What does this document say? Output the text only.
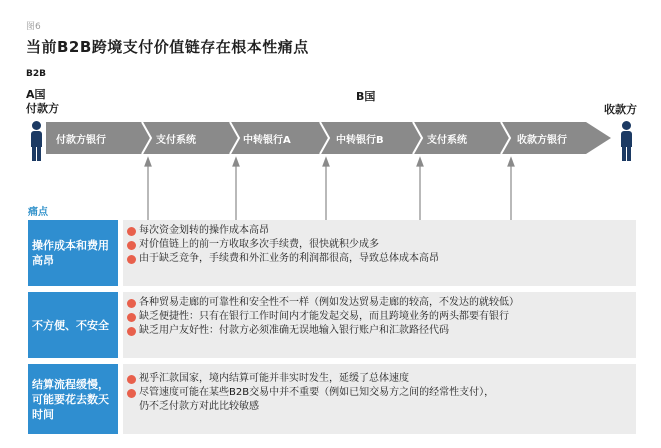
图6
当前B2B跨境支付价值链存在根本性痛点
B2B
A国
付款方
B国
收款方
付款方银行	支付系统	中转银行A	中转银行B	支付系统	收款方银行
痛点
操作成本和费用高昂
每次资金划转的操作成本高昂
对价值链上的前一方收取多次手续费，很快就积少成多
由于缺乏竞争，手续费和外汇业务的利润都很高，导致总体成本高昂
不方便、不安全
各种贸易走廊的可靠性和安全性不一样（例如发达贸易走廊的较高，不发达的就较低）
缺乏便捷性：只有在银行工作时间内才能发起交易，而且跨境业务的两头都要有银行
缺乏用户友好性：付款方必须准确无误地输入银行账户和汇款路径代码
结算流程缓慢，可能要花去数天时间
视乎汇款国家，境内结算可能并非实时发生，延缓了总体速度
尽管速度可能在某些B2B交易中并不重要（例如已知交易方之间的经常性支付），
仍不乏付款方对此比较敏感
